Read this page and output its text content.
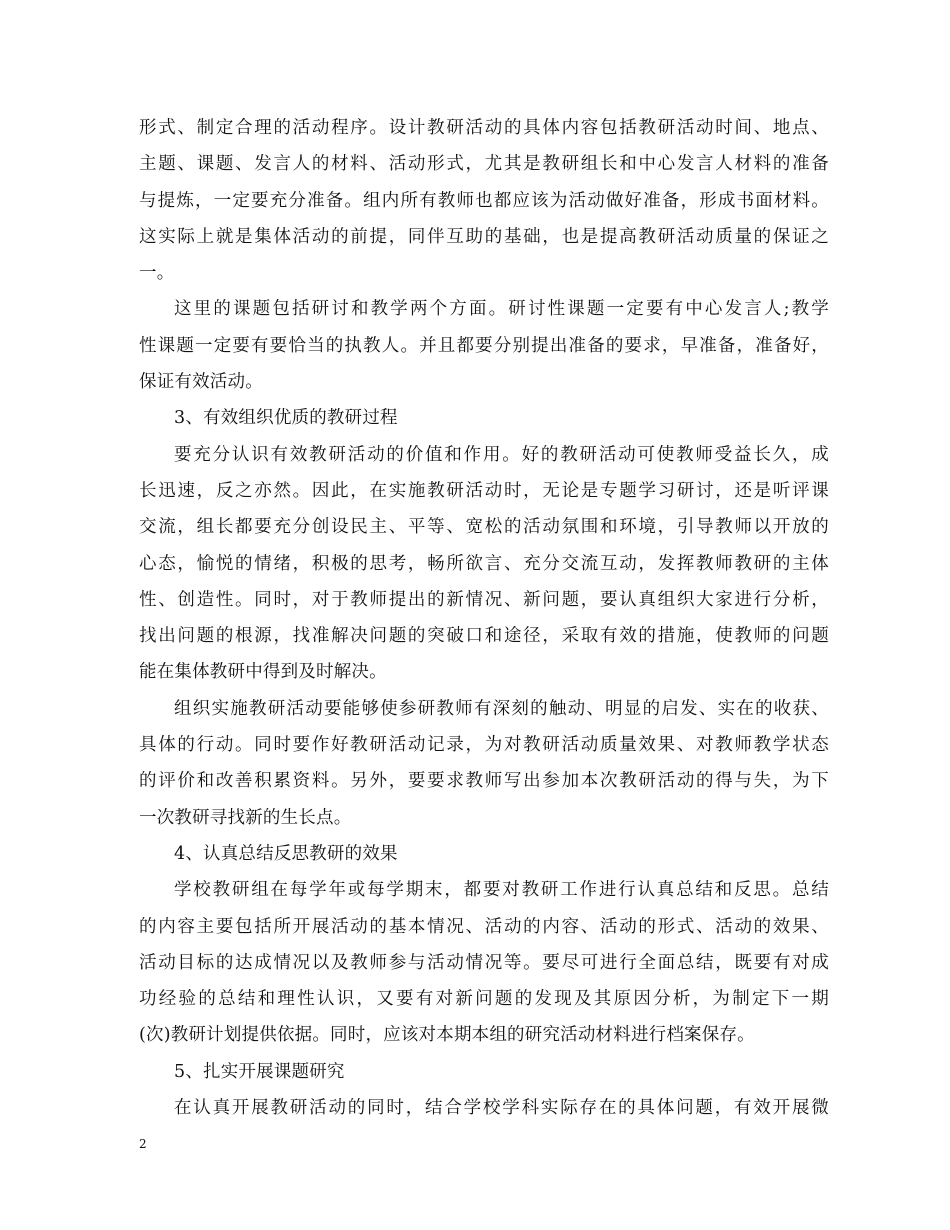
形式、制定合理的活动程序。设计教研活动的具体内容包括教研活动时间、地点、
主题、课题、发言人的材料、活动形式，尤其是教研组长和中心发言人材料的准备
与提炼，一定要充分准备。组内所有教师也都应该为活动做好准备，形成书面材料。
这实际上就是集体活动的前提，同伴互助的基础，也是提高教研活动质量的保证之
一。
这里的课题包括研讨和教学两个方面。研讨性课题一定要有中心发言人;教学
性课题一定要有要恰当的执教人。并且都要分别提出准备的要求，早准备，准备好，
保证有效活动。
3、有效组织优质的教研过程
要充分认识有效教研活动的价值和作用。好的教研活动可使教师受益长久，成
长迅速，反之亦然。因此，在实施教研活动时，无论是专题学习研讨，还是听评课
交流，组长都要充分创设民主、平等、宽松的活动氛围和环境，引导教师以开放的
心态，愉悦的情绪，积极的思考，畅所欲言、充分交流互动，发挥教师教研的主体
性、创造性。同时，对于教师提出的新情况、新问题，要认真组织大家进行分析，
找出问题的根源，找准解决问题的突破口和途径，采取有效的措施，使教师的问题
能在集体教研中得到及时解决。
组织实施教研活动要能够使参研教师有深刻的触动、明显的启发、实在的收获、
具体的行动。同时要作好教研活动记录，为对教研活动质量效果、对教师教学状态
的评价和改善积累资料。另外，要要求教师写出参加本次教研活动的得与失，为下
一次教研寻找新的生长点。
4、认真总结反思教研的效果
学校教研组在每学年或每学期末，都要对教研工作进行认真总结和反思。总结
的内容主要包括所开展活动的基本情况、活动的内容、活动的形式、活动的效果、
活动目标的达成情况以及教师参与活动情况等。要尽可进行全面总结，既要有对成
功经验的总结和理性认识，又要有对新问题的发现及其原因分析，为制定下一期
(次)教研计划提供依据。同时，应该对本期本组的研究活动材料进行档案保存。
5、扎实开展课题研究
在认真开展教研活动的同时，结合学校学科实际存在的具体问题，有效开展微
2
